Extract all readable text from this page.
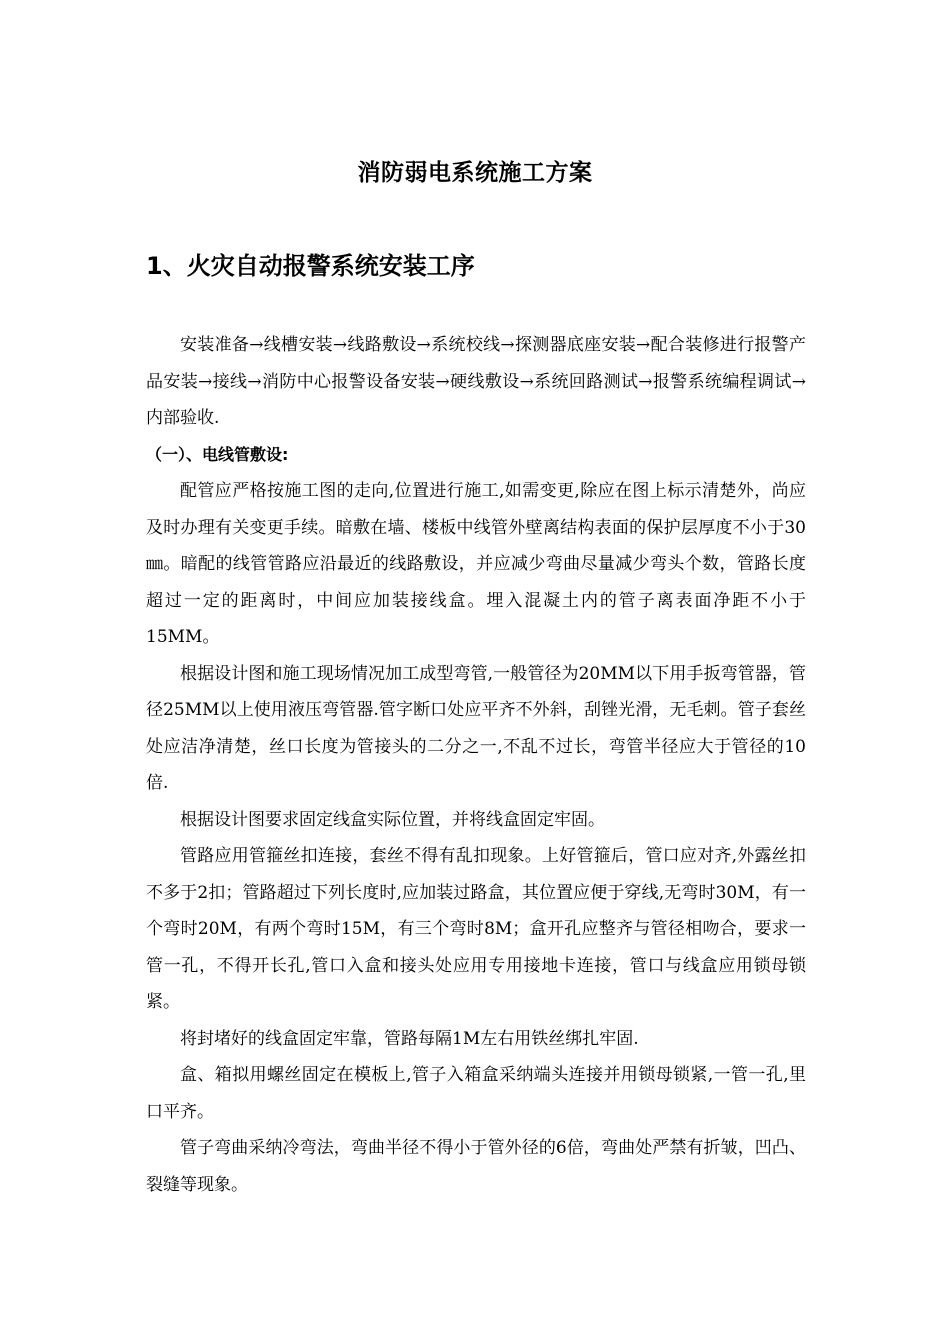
消防弱电系统施工方案
1、火灾自动报警系统安装工序

安装准备→线槽安装→线路敷设→系统校线→探测器底座安装→配合装修进行报警产品安装→接线→消防中心报警设备安装→硬线敷设→系统回路测试→报警系统编程调试→内部验收.

（一）、电线管敷设:

配管应严格按施工图的走向,位置进行施工,如需变更,除应在图上标示清楚外，尚应及时办理有关变更手续。暗敷在墙、楼板中线管外壁离结构表面的保护层厚度不小于30㎜。暗配的线管管路应沿最近的线路敷设，并应减少弯曲尽量减少弯头个数，管路长度超过一定的距离时，中间应加装接线盒。埋入混凝土内的管子离表面净距不小于15MM。

根据设计图和施工现场情况加工成型弯管,一般管径为20MM以下用手扳弯管器，管径25MM以上使用液压弯管器.管字断口处应平齐不外斜，刮锉光滑，无毛刺。管子套丝处应洁净清楚，丝口长度为管接头的二分之一,不乱不过长，弯管半径应大于管径的10倍.

根据设计图要求固定线盒实际位置，并将线盒固定牢固。

管路应用管箍丝扣连接，套丝不得有乱扣现象。上好管箍后，管口应对齐,外露丝扣不多于2扣；管路超过下列长度时,应加装过路盒，其位置应便于穿线,无弯时30M，有一个弯时20M，有两个弯时15M，有三个弯时8M；盒开孔应整齐与管径相吻合，要求一管一孔，不得开长孔,管口入盒和接头处应用专用接地卡连接，管口与线盒应用锁母锁紧。

将封堵好的线盒固定牢靠，管路每隔1M左右用铁丝绑扎牢固.

盒、箱拟用螺丝固定在模板上,管子入箱盒采纳端头连接并用锁母锁紧,一管一孔,里口平齐。

管子弯曲采纳冷弯法，弯曲半径不得小于管外径的6倍，弯曲处严禁有折皱，凹凸、裂缝等现象。
